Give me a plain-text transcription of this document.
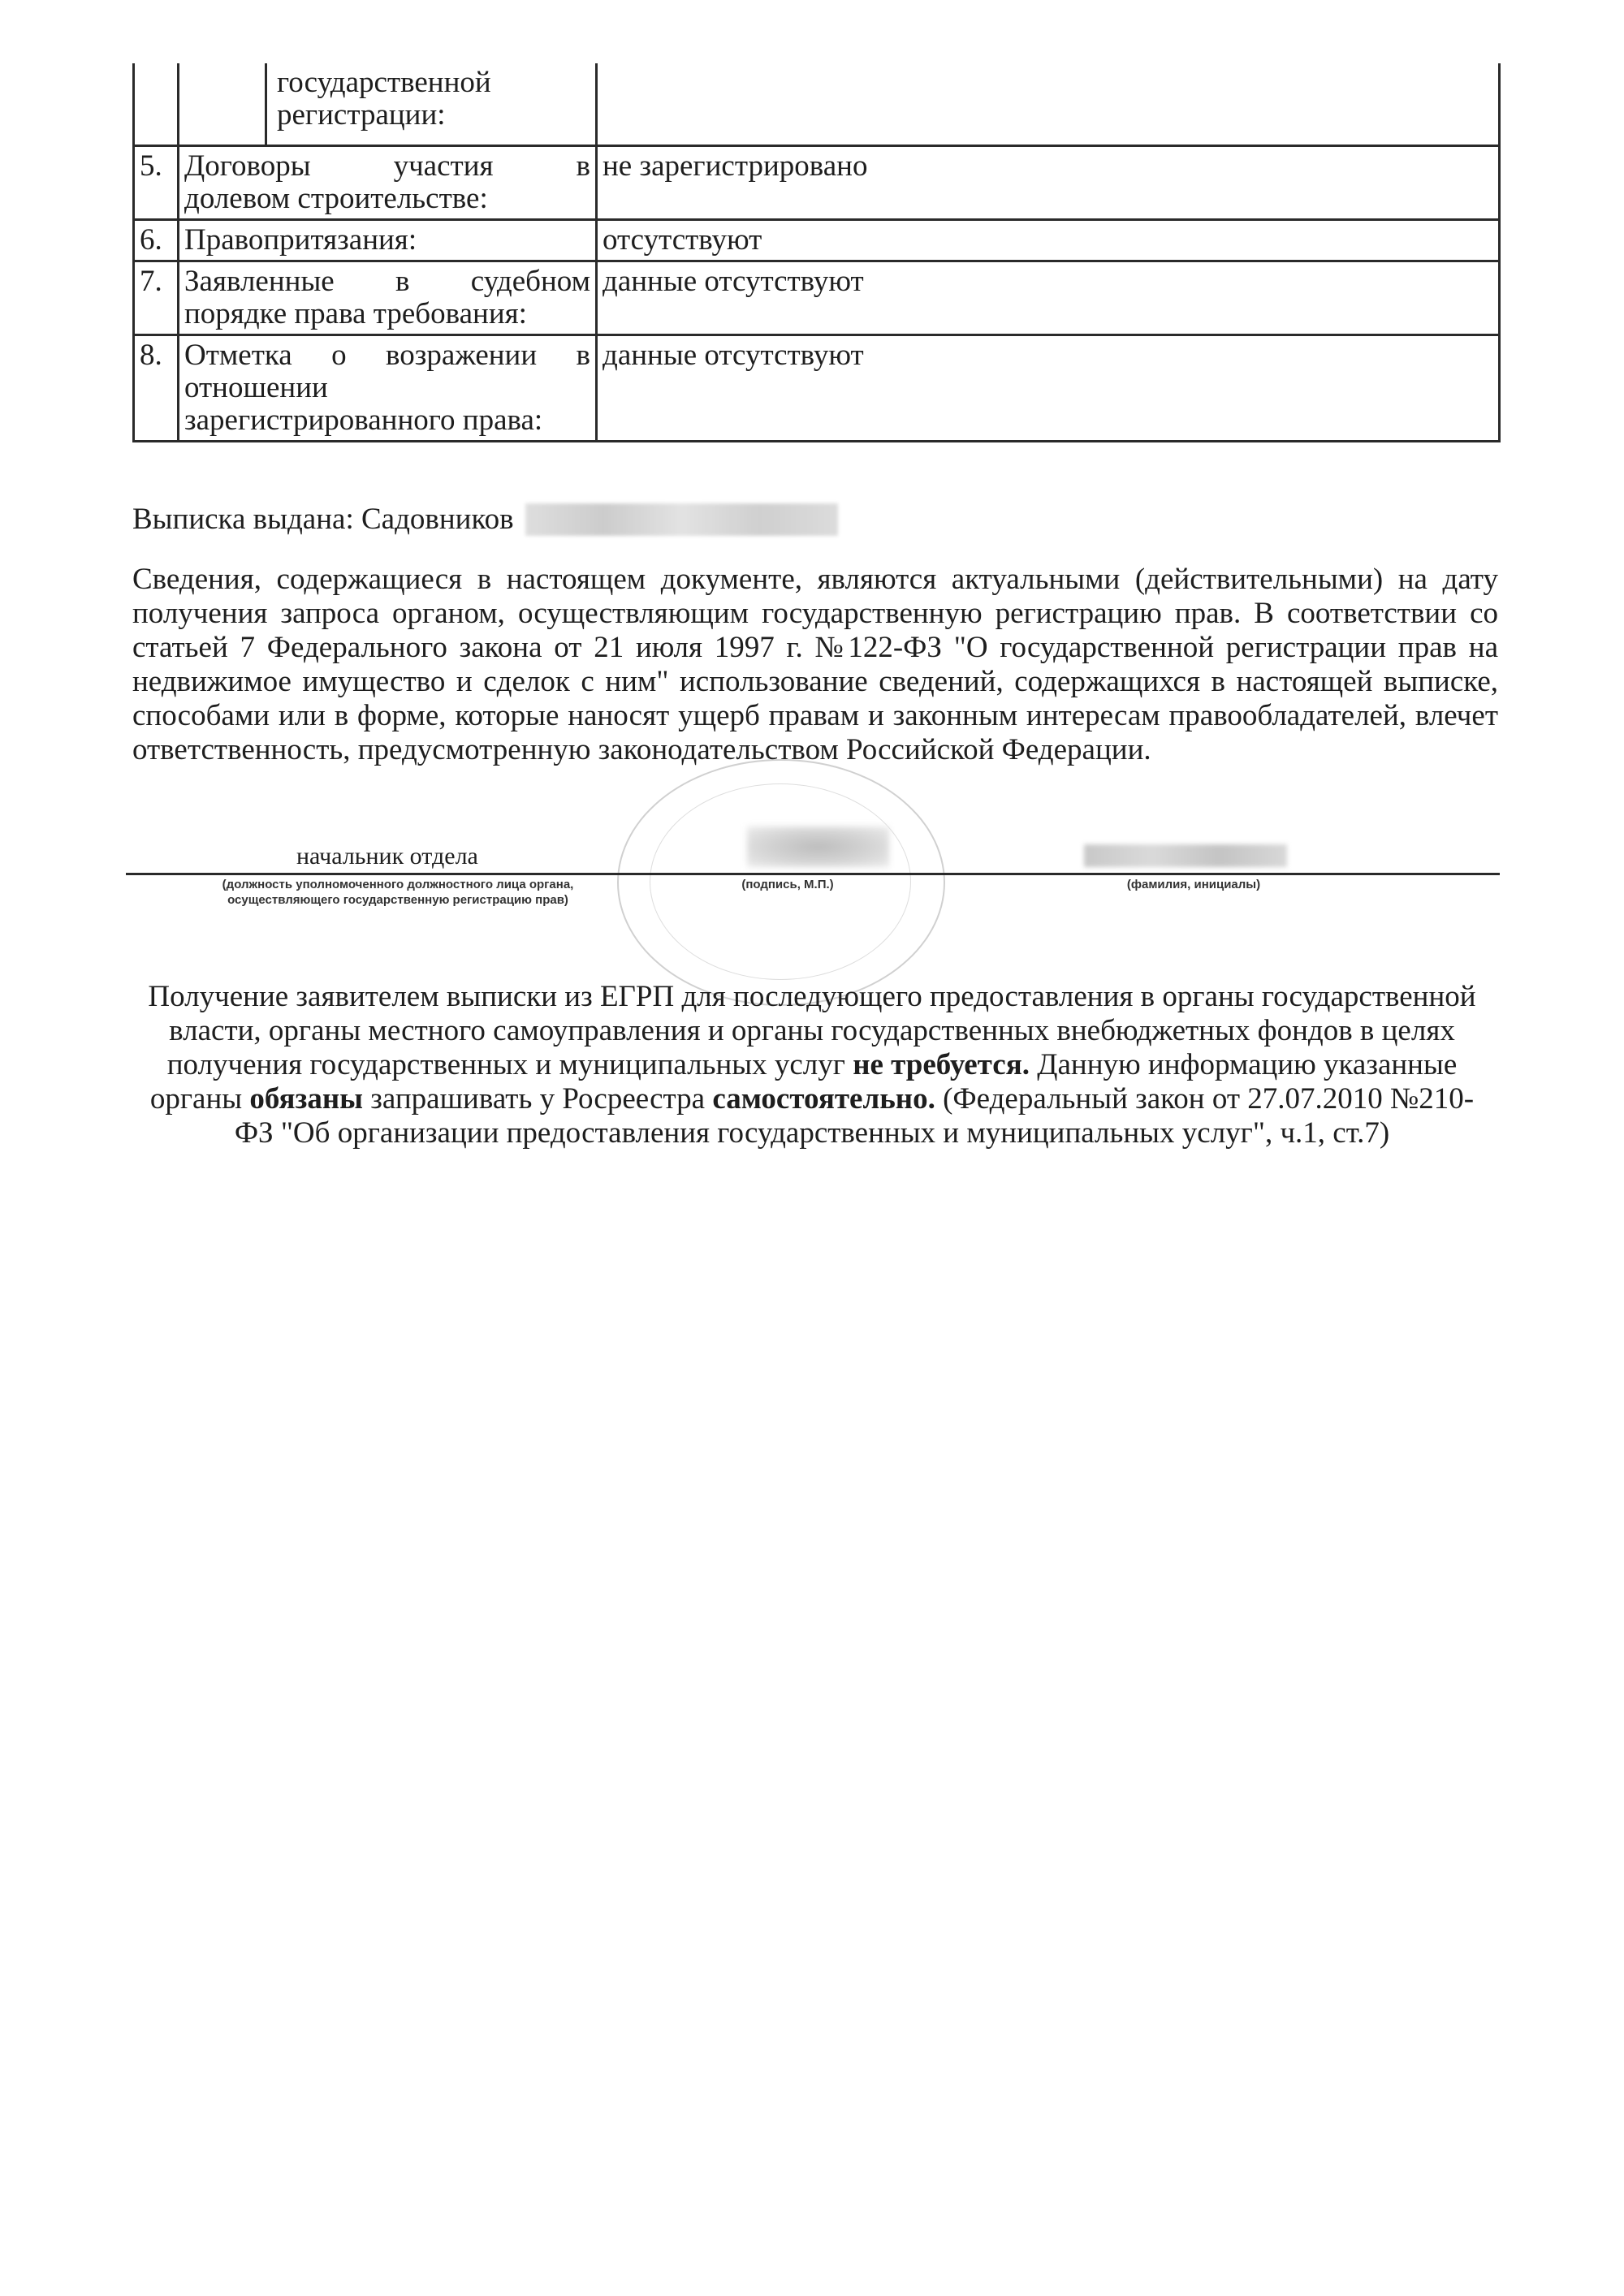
	государственной
регистрации:	

5.	Договоры участия в
долевом строительстве:	не зарегистрировано
6.	Правопритязания:	отсутствуют
7.	Заявленные в судебном
порядке права требования:	данные отсутствуют
8.	Отметка о возражении в
отношении
зарегистрированного права:	данные отсутствуют
Выписка выдана: Садовников
Сведения, содержащиеся в настоящем документе, являются актуальными (действительными) на дату получения запроса органом, осуществляющим государственную регистрацию прав. В соответствии со статьей 7 Федерального закона от 21 июля 1997 г. №122-ФЗ "О государственной регистрации прав на недвижимое имущество и сделок с ним" использование сведений, содержащихся в настоящей выписке, способами или в форме, которые наносят ущерб правам и законным интересам правообладателей, влечет ответственность, предусмотренную законодательством Российской Федерации.
начальник отдела
(должность уполномоченного должностного лица органа,
осуществляющего государственную регистрацию прав)
(подпись, М.П.)	(фамилия, инициалы)
Получение заявителем выписки из ЕГРП для последующего предоставления в органы государственной власти, органы местного самоуправления и органы государственных внебюджетных фондов в целях получения государственных и муниципальных услуг не требуется. Данную информацию указанные органы обязаны запрашивать у Росреестра самостоятельно. (Федеральный закон от 27.07.2010 №210-ФЗ "Об организации предоставления государственных и муниципальных услуг", ч.1, ст.7)
